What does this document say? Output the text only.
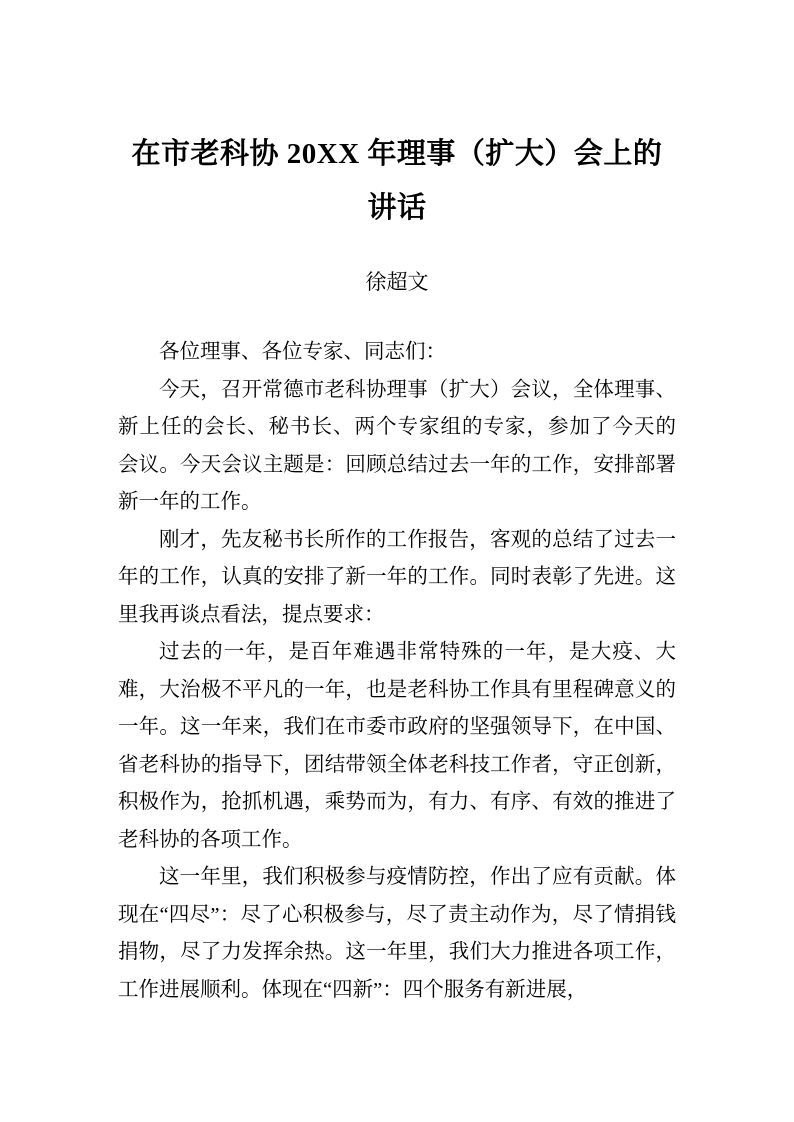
在市老科协 20XX 年理事（扩大）会上的
讲话
徐超文

各位理事、各位专家、同志们：

今天，召开常德市老科协理事（扩大）会议，全体理事、新上任的会长、秘书长、两个专家组的专家，参加了今天的 会议。今天会议主题是：回顾总结过去一年的工作，安排部署新一年的工作。

刚才，先友秘书长所作的工作报告，客观的总结了过去一年的工作，认真的安排了新一年的工作。同时表彰了先进。这里我再谈点看法，提点要求：

过去的一年，是百年难遇非常特殊的一年，是大疫、大难，大治极不平凡的一年，也是老科协工作具有里程碑意义的一年。这一年来，我们在市委市政府的坚强领导下，在中国、省老科协的指导下，团结带领全体老科技工作者，守正创新，积极作为，抢抓机遇，乘势而为，有力、有序、有效的推进了老科协的各项工作。

这一年里，我们积极参与疫情防控，作出了应有贡献。体现在“四尽”：尽了心积极参与，尽了责主动作为，尽了情捐钱捐物，尽了力发挥余热。这一年里，我们大力推进各项工作，工作进展顺利。体现在“四新”：四个服务有新进展，
